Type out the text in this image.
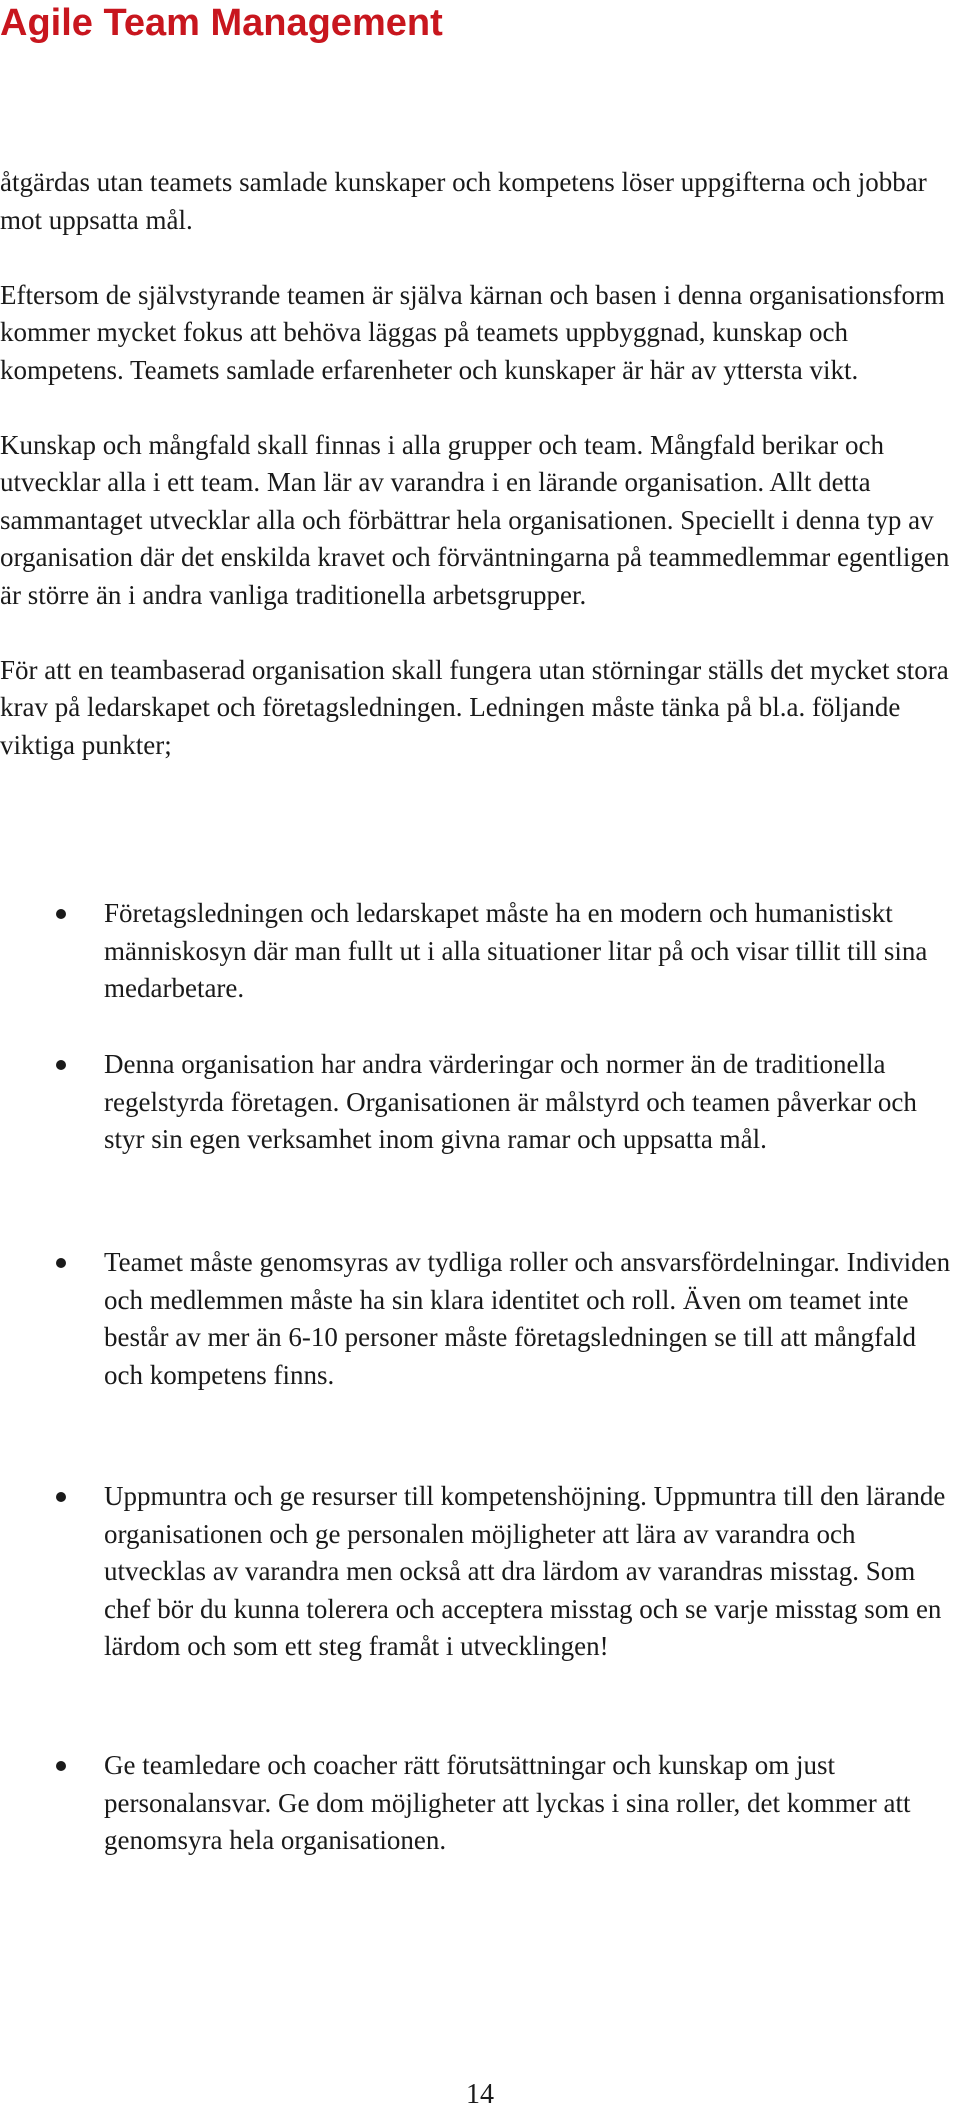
Agile Team Management

åtgärdas utan teamets samlade kunskaper och kompetens löser uppgifterna och jobbar mot uppsatta mål.

Eftersom de självstyrande teamen är själva kärnan och basen i denna organisationsform kommer mycket fokus att behöva läggas på teamets uppbyggnad, kunskap och kompetens. Teamets samlade erfarenheter och kunskaper är här av yttersta vikt.

Kunskap och mångfald skall finnas i alla grupper och team. Mångfald berikar och utvecklar alla i ett team. Man lär av varandra i en lärande organisation. Allt detta sammantaget utvecklar alla och förbättrar hela organisationen. Speciellt i denna typ av organisation där det enskilda kravet och förväntningarna på teammedlemmar egentligen är större än i andra vanliga traditionella arbetsgrupper.

För att en teambaserad organisation skall fungera utan störningar ställs det mycket stora krav på ledarskapet och företagsledningen. Ledningen måste tänka på bl.a. följande viktiga punkter;

Företagsledningen och ledarskapet måste ha en modern och humanistiskt människosyn där man fullt ut i alla situationer litar på och visar tillit till sina medarbetare.
Denna organisation har andra värderingar och normer än de traditionella regelstyrda företagen. Organisationen är målstyrd och teamen påverkar och styr sin egen verksamhet inom givna ramar och uppsatta mål.
Teamet måste genomsyras av tydliga roller och ansvarsfördelningar. Individen och medlemmen måste ha sin klara identitet och roll. Även om teamet inte består av mer än 6-10 personer måste företagsledningen se till att mångfald och kompetens finns.
Uppmuntra och ge resurser till kompetenshöjning. Uppmuntra till den lärande organisationen och ge personalen möjligheter att lära av varandra och utvecklas av varandra men också att dra lärdom av varandras misstag. Som chef bör du kunna tolerera och acceptera misstag och se varje misstag som en lärdom och som ett steg framåt i utvecklingen!
Ge teamledare och coacher rätt förutsättningar och kunskap om just personalansvar. Ge dom möjligheter att lyckas i sina roller, det kommer att genomsyra hela organisationen.
14
